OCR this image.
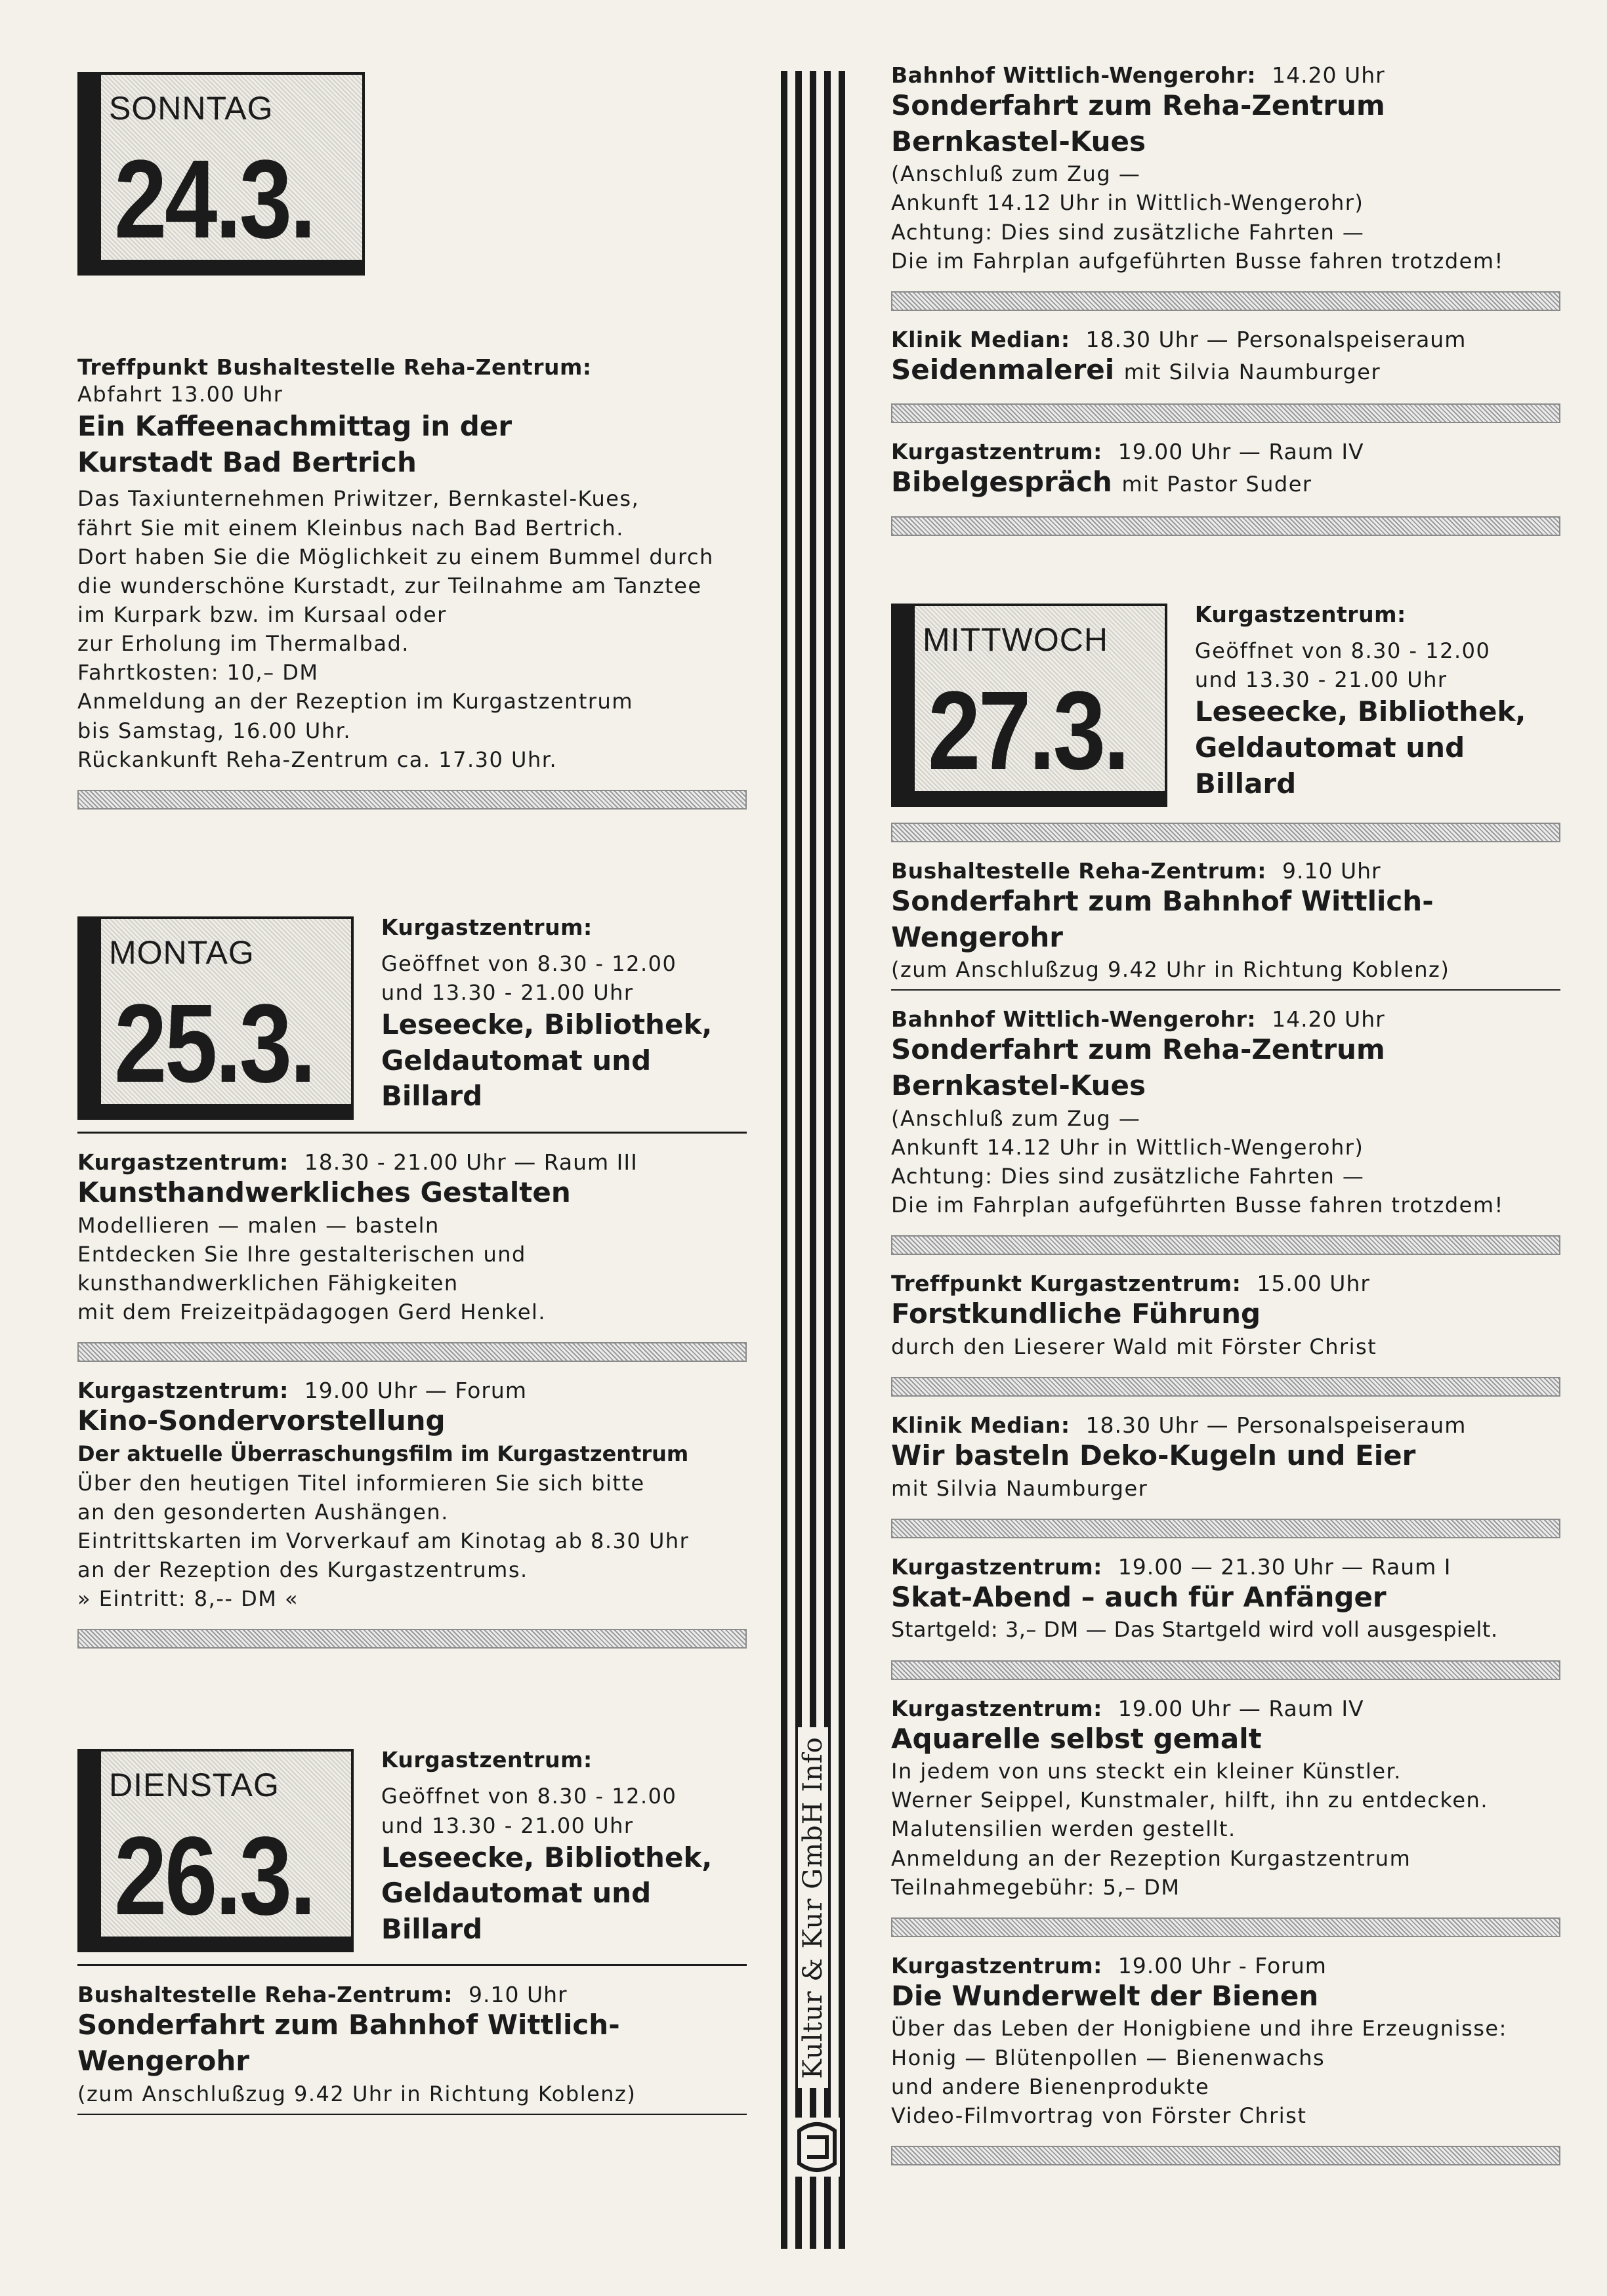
SONNTAG
24.3.
Treffpunkt Bushaltestelle Reha-Zentrum:
Abfahrt 13.00 Uhr
Ein Kaffeenachmittag in der Kurstadt Bad Bertrich
Das Taxiunternehmen Priwitzer, Bernkastel-Kues,
fährt Sie mit einem Kleinbus nach Bad Bertrich.
Dort haben Sie die Möglichkeit zu einem Bummel durch
die wunderschöne Kurstadt, zur Teilnahme am Tanztee
im Kurpark bzw. im Kursaal oder
zur Erholung im Thermalbad.
Fahrtkosten: 10,– DM
Anmeldung an der Rezeption im Kurgastzentrum
bis Samstag, 16.00 Uhr.
Rückankunft Reha-Zentrum ca. 17.30 Uhr.
MONTAG
25.3.
Kurgastzentrum:
Geöffnet von 8.30 - 12.00
und 13.30 - 21.00 Uhr
Leseecke, Bibliothek,
Geldautomat und Billard
Kurgastzentrum: 18.30 - 21.00 Uhr — Raum III
Kunsthandwerkliches Gestalten
Modellieren — malen — basteln
Entdecken Sie Ihre gestalterischen und
kunsthandwerklichen Fähigkeiten
mit dem Freizeitpädagogen Gerd Henkel.
Kurgastzentrum: 19.00 Uhr — Forum
Kino-Sondervorstellung
Der aktuelle Überraschungsfilm im Kurgastzentrum
Über den heutigen Titel informieren Sie sich bitte
an den gesonderten Aushängen.
Eintrittskarten im Vorverkauf am Kinotag ab 8.30 Uhr
an der Rezeption des Kurgastzentrums.
» Eintritt: 8,-- DM «
DIENSTAG
26.3.
Kurgastzentrum:
Geöffnet von 8.30 - 12.00
und 13.30 - 21.00 Uhr
Leseecke, Bibliothek,
Geldautomat und Billard
Bushaltestelle Reha-Zentrum: 9.10 Uhr
Sonderfahrt zum Bahnhof Wittlich-Wengerohr
(zum Anschlußzug 9.42 Uhr in Richtung Koblenz)
Kultur & Kur GmbH Info
Bahnhof Wittlich-Wengerohr: 14.20 Uhr
Sonderfahrt zum Reha-Zentrum Bernkastel-Kues
(Anschluß zum Zug —
Ankunft 14.12 Uhr in Wittlich-Wengerohr)
Achtung: Dies sind zusätzliche Fahrten —
Die im Fahrplan aufgeführten Busse fahren trotzdem!
Klinik Median: 18.30 Uhr — Personalspeiseraum
Seidenmalerei mit Silvia Naumburger
Kurgastzentrum: 19.00 Uhr — Raum IV
Bibelgespräch mit Pastor Suder
MITTWOCH
27.3.
Kurgastzentrum:
Geöffnet von 8.30 - 12.00
und 13.30 - 21.00 Uhr
Leseecke, Bibliothek,
Geldautomat und Billard
Bushaltestelle Reha-Zentrum: 9.10 Uhr
Sonderfahrt zum Bahnhof Wittlich-Wengerohr
(zum Anschlußzug 9.42 Uhr in Richtung Koblenz)
Bahnhof Wittlich-Wengerohr: 14.20 Uhr
Sonderfahrt zum Reha-Zentrum Bernkastel-Kues
(Anschluß zum Zug —
Ankunft 14.12 Uhr in Wittlich-Wengerohr)
Achtung: Dies sind zusätzliche Fahrten —
Die im Fahrplan aufgeführten Busse fahren trotzdem!
Treffpunkt Kurgastzentrum: 15.00 Uhr
Forstkundliche Führung
durch den Lieserer Wald mit Förster Christ
Klinik Median: 18.30 Uhr — Personalspeiseraum
Wir basteln Deko-Kugeln und Eier
mit Silvia Naumburger
Kurgastzentrum: 19.00 — 21.30 Uhr — Raum I
Skat-Abend – auch für Anfänger
Startgeld: 3,– DM — Das Startgeld wird voll ausgespielt.
Kurgastzentrum: 19.00 Uhr — Raum IV
Aquarelle selbst gemalt
In jedem von uns steckt ein kleiner Künstler.
Werner Seippel, Kunstmaler, hilft, ihn zu entdecken.
Malutensilien werden gestellt.
Anmeldung an der Rezeption Kurgastzentrum
Teilnahmegebühr: 5,– DM
Kurgastzentrum: 19.00 Uhr - Forum
Die Wunderwelt der Bienen
Über das Leben der Honigbiene und ihre Erzeugnisse:
Honig — Blütenpollen — Bienenwachs
und andere Bienenprodukte
Video-Filmvortrag von Förster Christ
